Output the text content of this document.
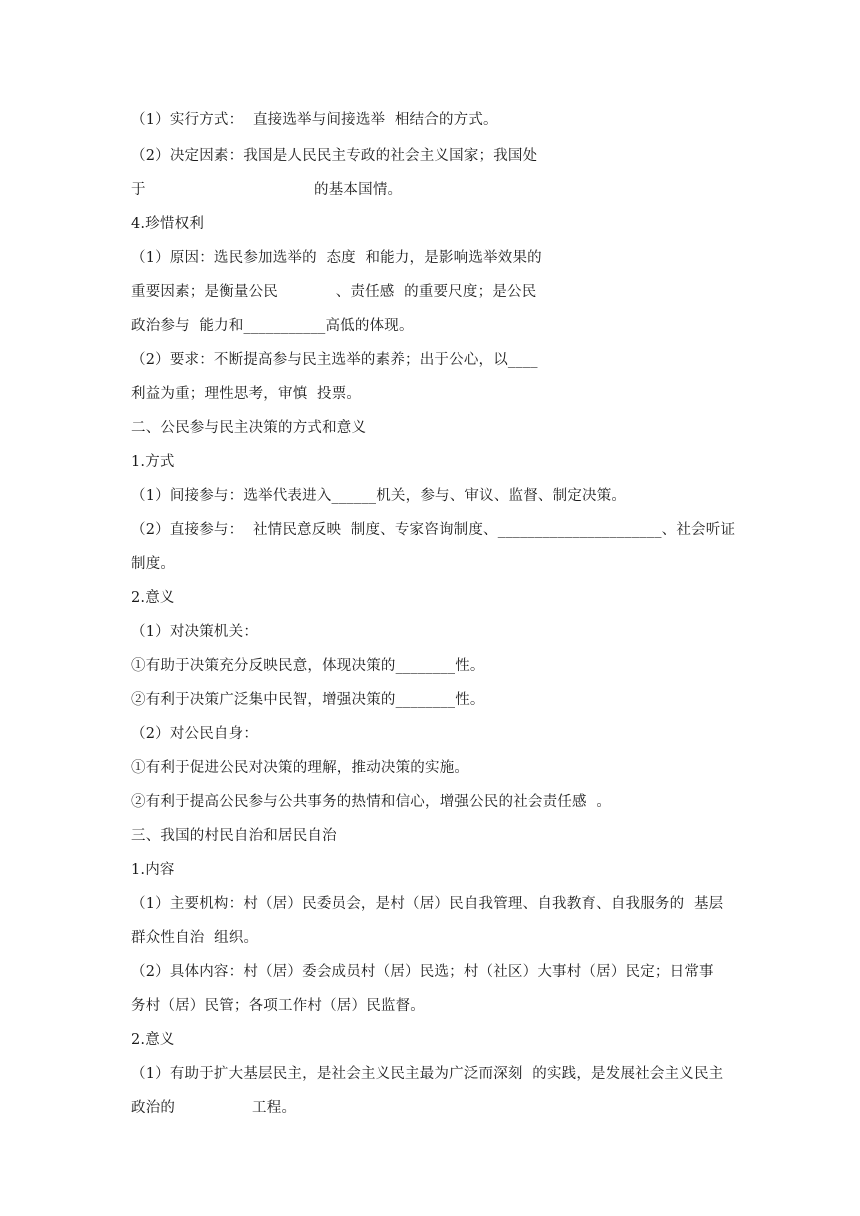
（1）实行方式：  直接选举与间接选举  相结合的方式。
（2）决定因素：我国是人民民主专政的社会主义国家；我国处
于                                   的基本国情。
4.珍惜权利
（1）原因：选民参加选举的  态度  和能力，是影响选举效果的
重要因素；是衡量公民            、责任感  的重要尺度；是公民
政治参与  能力和___________高低的体现。
（2）要求：不断提高参与民主选举的素养；出于公心，以____
利益为重；理性思考，审慎  投票。
二、公民参与民主决策的方式和意义
1.方式
（1）间接参与：选举代表进入______机关，参与、审议、监督、制定决策。
（2）直接参与：  社情民意反映  制度、专家咨询制度、______________________、社会听证
制度。
2.意义
（1）对决策机关：
①有助于决策充分反映民意，体现决策的________性。
②有利于决策广泛集中民智，增强决策的________性。
（2）对公民自身：
①有利于促进公民对决策的理解，推动决策的实施。
②有利于提高公民参与公共事务的热情和信心，增强公民的社会责任感  。
三、我国的村民自治和居民自治
1.内容
（1）主要机构：村（居）民委员会，是村（居）民自我管理、自我教育、自我服务的  基层
群众性自治  组织。
（2）具体内容：村（居）委会成员村（居）民选；村（社区）大事村（居）民定；日常事
务村（居）民管；各项工作村（居）民监督。
2.意义
（1）有助于扩大基层民主，是社会主义民主最为广泛而深刻  的实践，是发展社会主义民主
政治的                工程。
